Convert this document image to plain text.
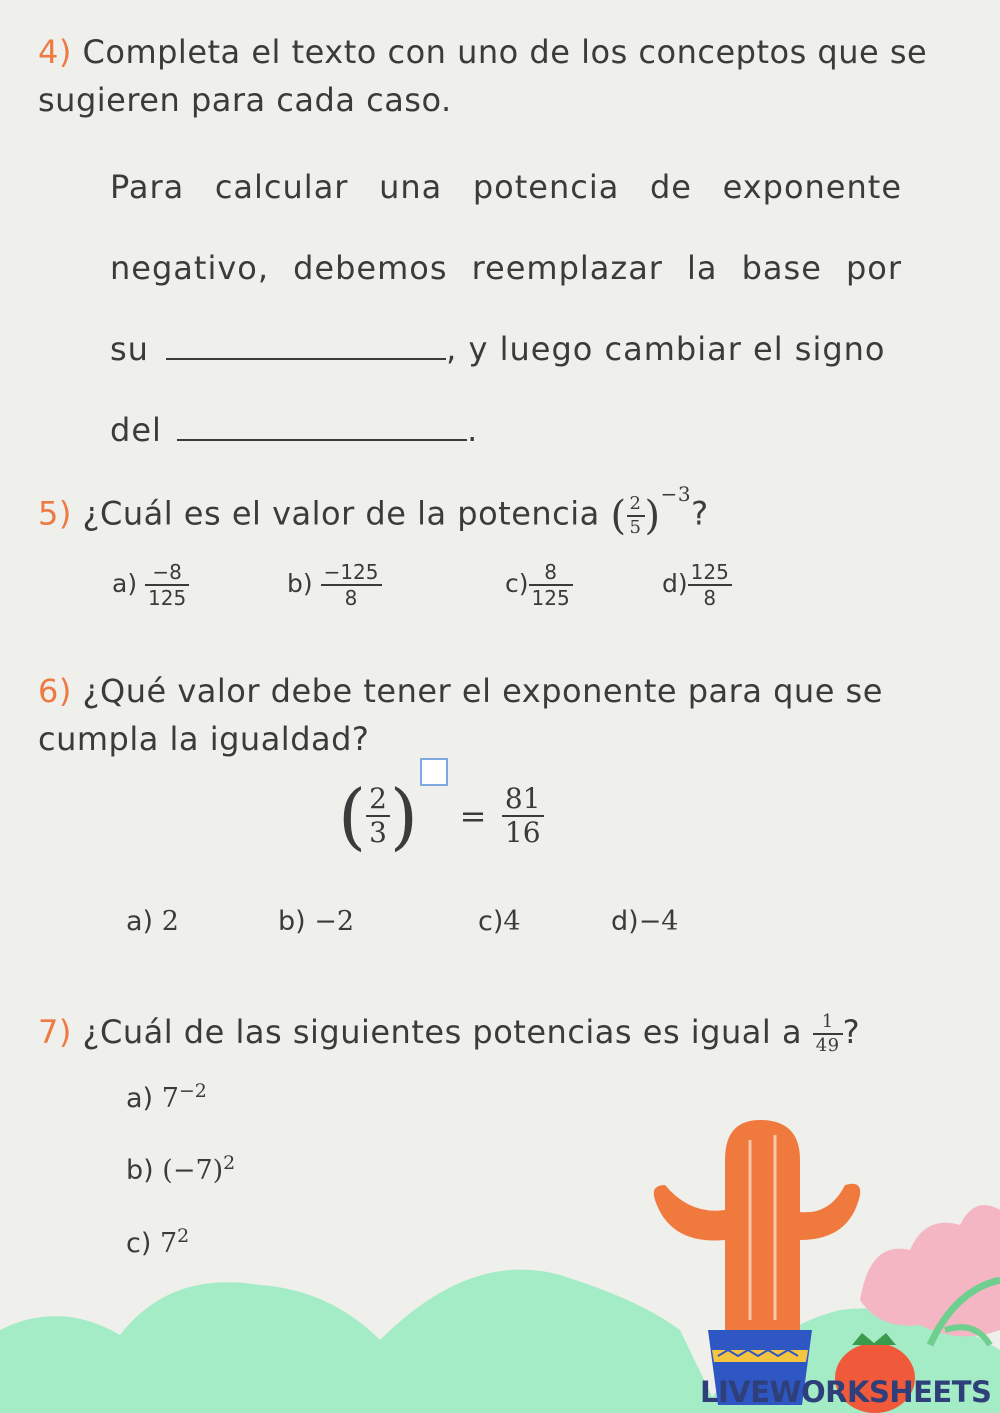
4) Completa el texto con uno de los conceptos que se sugieren para cada caso.
Para calcular una potencia de exponente
negativo, debemos reemplazar la base por
su	, y luego cambiar el signo
del	.
5) ¿Cuál es el valor de la potencia ( $\frac{2}{5} )^{-3}$?
$a) \frac{-8}{125}$	$b) \frac{-125}{8}$	$c) \frac{8}{125}$	$d) \frac{125}{8}$
6) ¿Qué valor debe tener el exponente para que se
cumpla la igualdad?
( $\frac{2}{3}$ ) = $\frac{81}{16}$
a) 2	b) −2	c)4	d)−4
7) ¿Cuál de las siguientes potencias es igual a $\frac{1}{49}$ ?
a) $7^{-2}$
b) $(-7)^2$
c) $7^2$
LIVEWORKSHEETS
